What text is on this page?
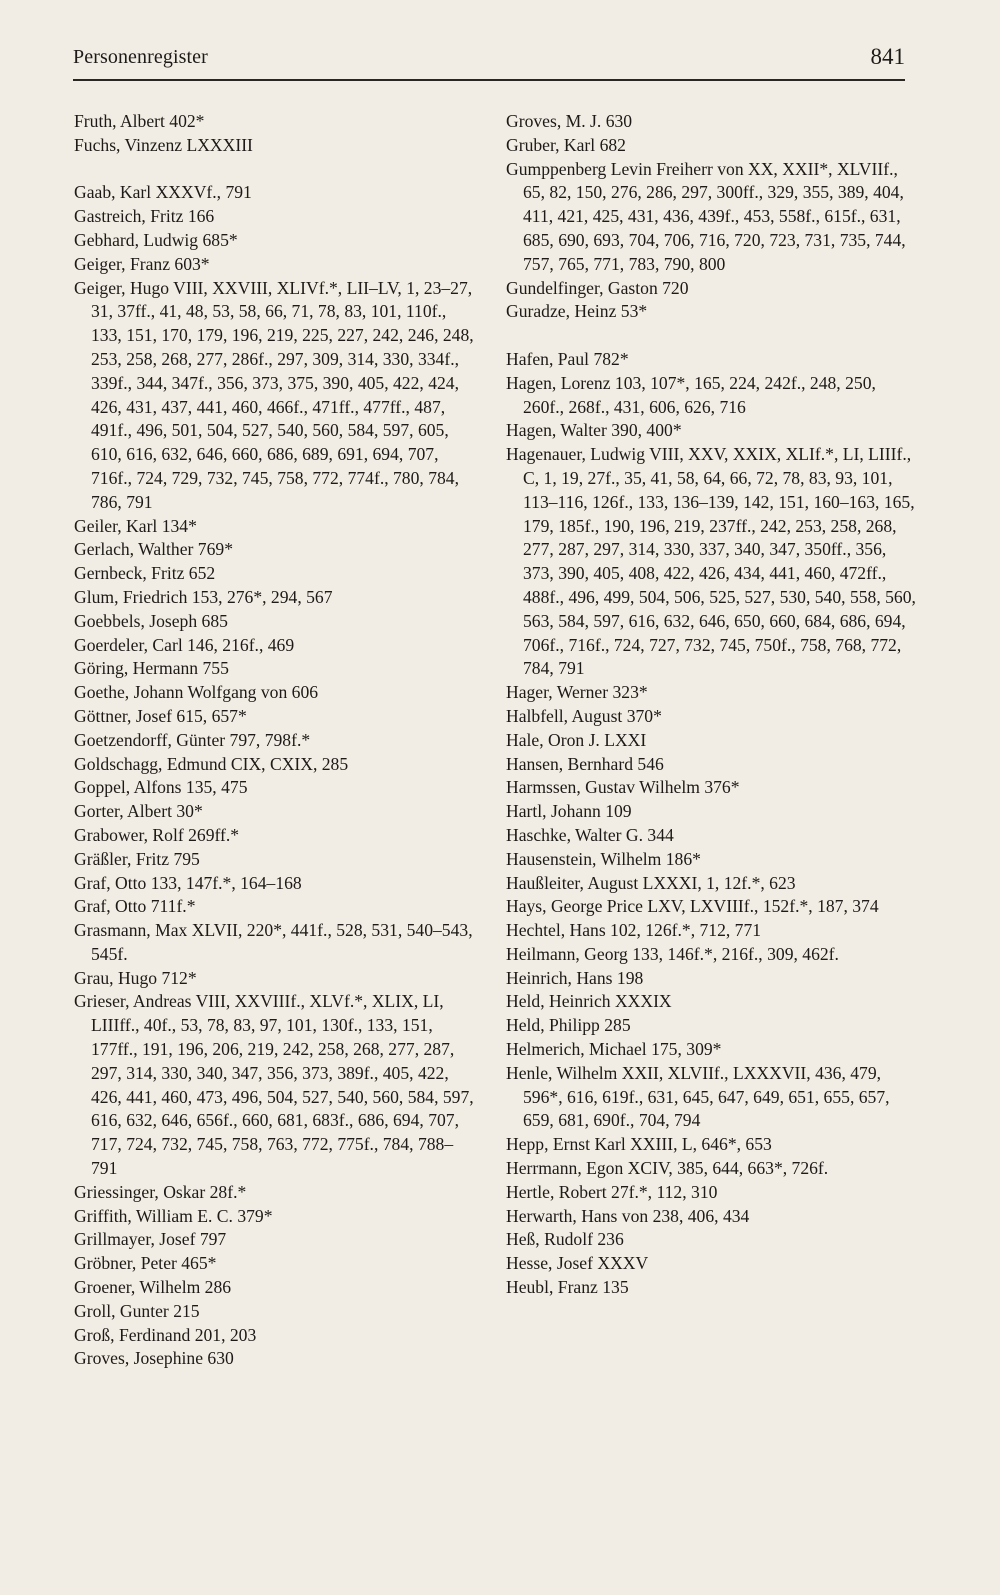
Personenregister	841

Fruth, Albert 402*

Fuchs, Vinzenz LXXXIII

Gaab, Karl XXXVf., 791

Gastreich, Fritz 166

Gebhard, Ludwig 685*

Geiger, Franz 603*

Geiger, Hugo VIII, XXVIII, XLIVf.*, LII–LV, 1, 23–27, 31, 37ff., 41, 48, 53, 58, 66, 71, 78, 83, 101, 110f., 133, 151, 170, 179, 196, 219, 225, 227, 242, 246, 248, 253, 258, 268, 277, 286f., 297, 309, 314, 330, 334f., 339f., 344, 347f., 356, 373, 375, 390, 405, 422, 424, 426, 431, 437, 441, 460, 466f., 471ff., 477ff., 487, 491f., 496, 501, 504, 527, 540, 560, 584, 597, 605, 610, 616, 632, 646, 660, 686, 689, 691, 694, 707, 716f., 724, 729, 732, 745, 758, 772, 774f., 780, 784, 786, 791

Geiler, Karl 134*

Gerlach, Walther 769*

Gernbeck, Fritz 652

Glum, Friedrich 153, 276*, 294, 567

Goebbels, Joseph 685

Goerdeler, Carl 146, 216f., 469

Göring, Hermann 755

Goethe, Johann Wolfgang von 606

Göttner, Josef 615, 657*

Goetzendorff, Günter 797, 798f.*

Goldschagg, Edmund CIX, CXIX, 285

Goppel, Alfons 135, 475

Gorter, Albert 30*

Grabower, Rolf 269ff.*

Gräßler, Fritz 795

Graf, Otto 133, 147f.*, 164–168

Graf, Otto 711f.*

Grasmann, Max XLVII, 220*, 441f., 528, 531, 540–543, 545f.

Grau, Hugo 712*

Grieser, Andreas VIII, XXVIIIf., XLVf.*, XLIX, LI, LIIIff., 40f., 53, 78, 83, 97, 101, 130f., 133, 151, 177ff., 191, 196, 206, 219, 242, 258, 268, 277, 287, 297, 314, 330, 340, 347, 356, 373, 389f., 405, 422, 426, 441, 460, 473, 496, 504, 527, 540, 560, 584, 597, 616, 632, 646, 656f., 660, 681, 683f., 686, 694, 707, 717, 724, 732, 745, 758, 763, 772, 775f., 784, 788–791

Griessinger, Oskar 28f.*

Griffith, William E. C. 379*

Grillmayer, Josef 797

Gröbner, Peter 465*

Groener, Wilhelm 286

Groll, Gunter 215

Groß, Ferdinand 201, 203

Groves, Josephine 630

Groves, M. J. 630

Gruber, Karl 682

Gumppenberg Levin Freiherr von XX, XXII*, XLVIIf., 65, 82, 150, 276, 286, 297, 300ff., 329, 355, 389, 404, 411, 421, 425, 431, 436, 439f., 453, 558f., 615f., 631, 685, 690, 693, 704, 706, 716, 720, 723, 731, 735, 744, 757, 765, 771, 783, 790, 800

Gundelfinger, Gaston 720

Guradze, Heinz 53*

Hafen, Paul 782*

Hagen, Lorenz 103, 107*, 165, 224, 242f., 248, 250, 260f., 268f., 431, 606, 626, 716

Hagen, Walter 390, 400*

Hagenauer, Ludwig VIII, XXV, XXIX, XLIf.*, LI, LIIIf., C, 1, 19, 27f., 35, 41, 58, 64, 66, 72, 78, 83, 93, 101, 113–116, 126f., 133, 136–139, 142, 151, 160–163, 165, 179, 185f., 190, 196, 219, 237ff., 242, 253, 258, 268, 277, 287, 297, 314, 330, 337, 340, 347, 350ff., 356, 373, 390, 405, 408, 422, 426, 434, 441, 460, 472ff., 488f., 496, 499, 504, 506, 525, 527, 530, 540, 558, 560, 563, 584, 597, 616, 632, 646, 650, 660, 684, 686, 694, 706f., 716f., 724, 727, 732, 745, 750f., 758, 768, 772, 784, 791

Hager, Werner 323*

Halbfell, August 370*

Hale, Oron J. LXXI

Hansen, Bernhard 546

Harmssen, Gustav Wilhelm 376*

Hartl, Johann 109

Haschke, Walter G. 344

Hausenstein, Wilhelm 186*

Haußleiter, August LXXXI, 1, 12f.*, 623

Hays, George Price LXV, LXVIIIf., 152f.*, 187, 374

Hechtel, Hans 102, 126f.*, 712, 771

Heilmann, Georg 133, 146f.*, 216f., 309, 462f.

Heinrich, Hans 198

Held, Heinrich XXXIX

Held, Philipp 285

Helmerich, Michael 175, 309*

Henle, Wilhelm XXII, XLVIIf., LXXXVII, 436, 479, 596*, 616, 619f., 631, 645, 647, 649, 651, 655, 657, 659, 681, 690f., 704, 794

Hepp, Ernst Karl XXIII, L, 646*, 653

Herrmann, Egon XCIV, 385, 644, 663*, 726f.

Hertle, Robert 27f.*, 112, 310

Herwarth, Hans von 238, 406, 434

Heß, Rudolf 236

Hesse, Josef XXXV

Heubl, Franz 135
